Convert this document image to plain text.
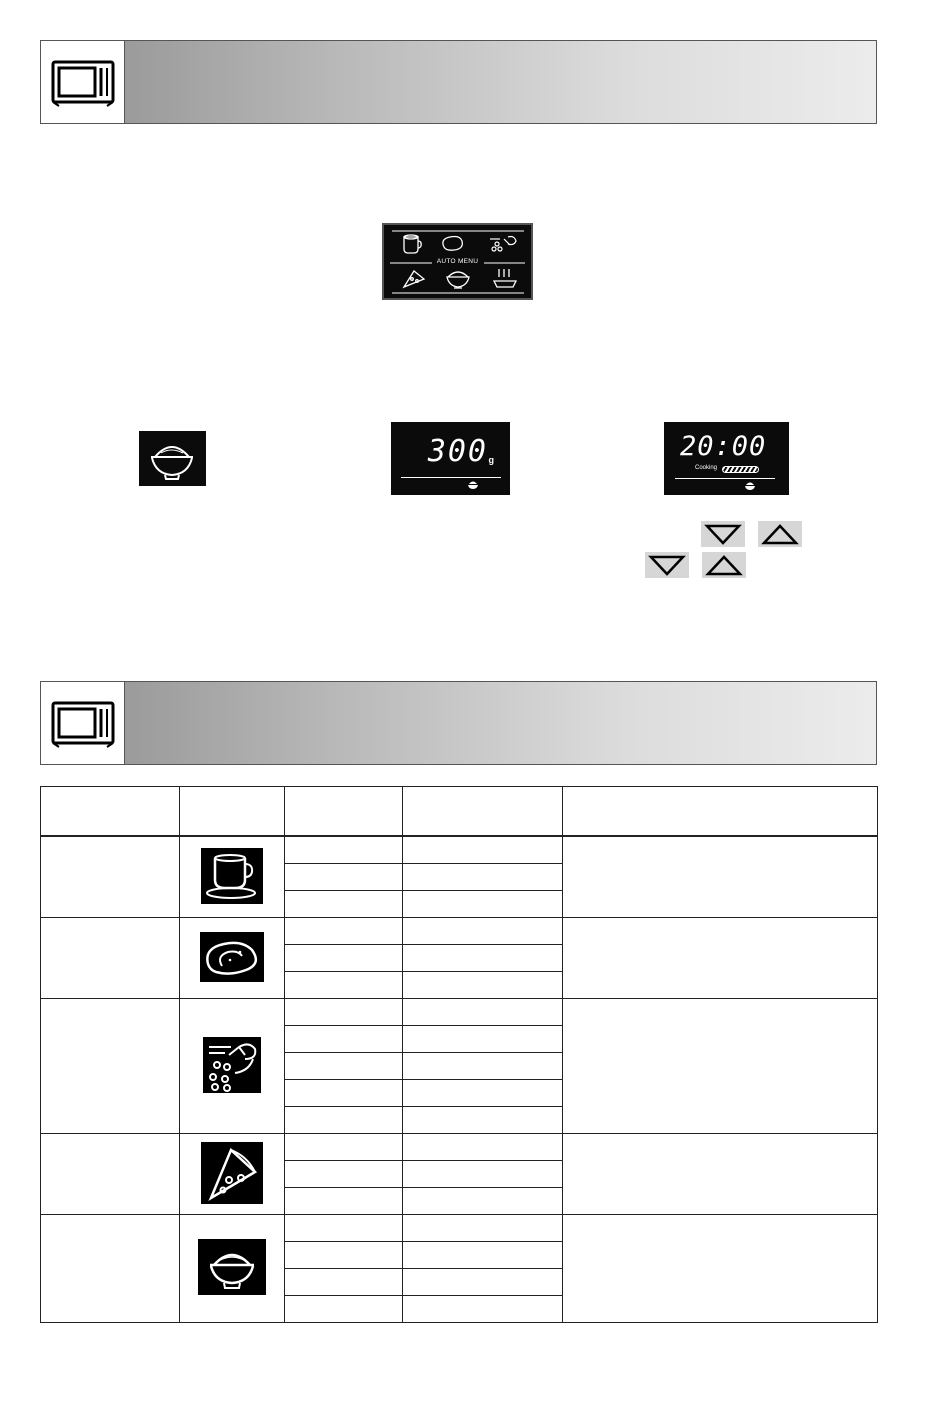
AUTO MENU
300 g	20:00
Cooking
